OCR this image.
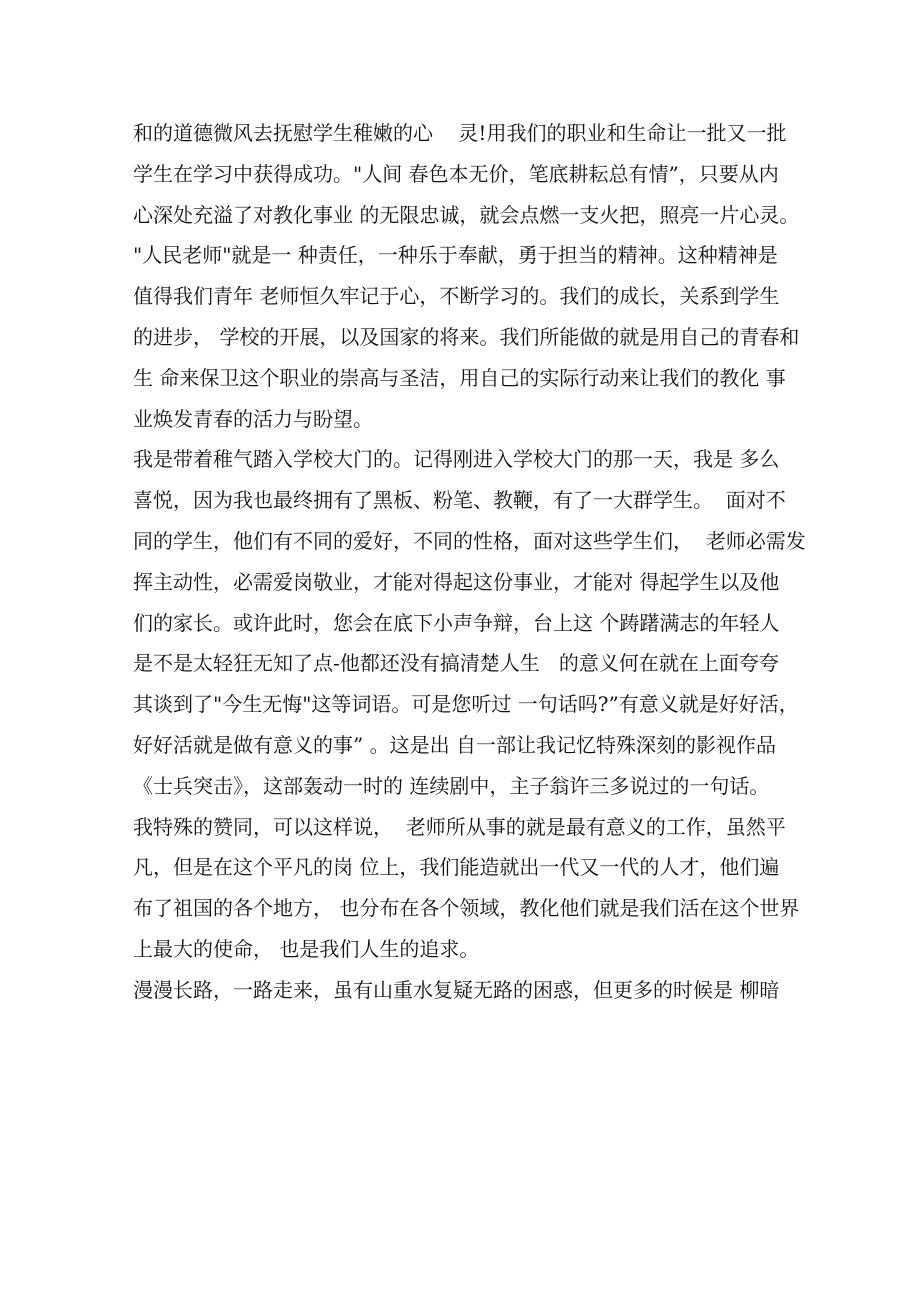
和的道德微风去抚慰学生稚嫩的心    灵!用我们的职业和生命让一批又一批
学生在学习中获得成功。"人间 春色本无价，笔底耕耘总有情”，只要从内
心深处充溢了对教化事业 的无限忠诚，就会点燃一支火把，照亮一片心灵。
"人民老师"就是一 种责任，一种乐于奉献，勇于担当的精神。这种精神是
值得我们青年 老师恒久牢记于心，不断学习的。我们的成长，关系到学生
的进步， 学校的开展，以及国家的将来。我们所能做的就是用自己的青春和
生 命来保卫这个职业的崇高与圣洁，用自己的实际行动来让我们的教化 事
业焕发青春的活力与盼望。
我是带着稚气踏入学校大门的。记得刚进入学校大门的那一天，我是 多么
喜悦，因为我也最终拥有了黑板、粉笔、教鞭，有了一大群学生。  面对不
同的学生，他们有不同的爱好，不同的性格，面对这些学生们，  老师必需发
挥主动性，必需爱岗敬业，才能对得起这份事业，才能对 得起学生以及他
们的家长。或许此时，您会在底下小声争辩，台上这 个踌躇满志的年轻人
是不是太轻狂无知了点-他都还没有搞清楚人生   的意义何在就在上面夸夸
其谈到了"今生无悔"这等词语。可是您听过 一句话吗?”有意义就是好好活，
好好活就是做有意义的事” 。这是出 自一部让我记忆特殊深刻的影视作品
《士兵突击》，这部轰动一时的 连续剧中，主子翁许三多说过的一句话。
我特殊的赞同，可以这样说，  老师所从事的就是最有意义的工作，虽然平
凡，但是在这个平凡的岗 位上，我们能造就出一代又一代的人才，他们遍
布了祖国的各个地方， 也分布在各个领域，教化他们就是我们活在这个世界
上最大的使命， 也是我们人生的追求。
漫漫长路，一路走来，虽有山重水复疑无路的困惑，但更多的时候是 柳暗
